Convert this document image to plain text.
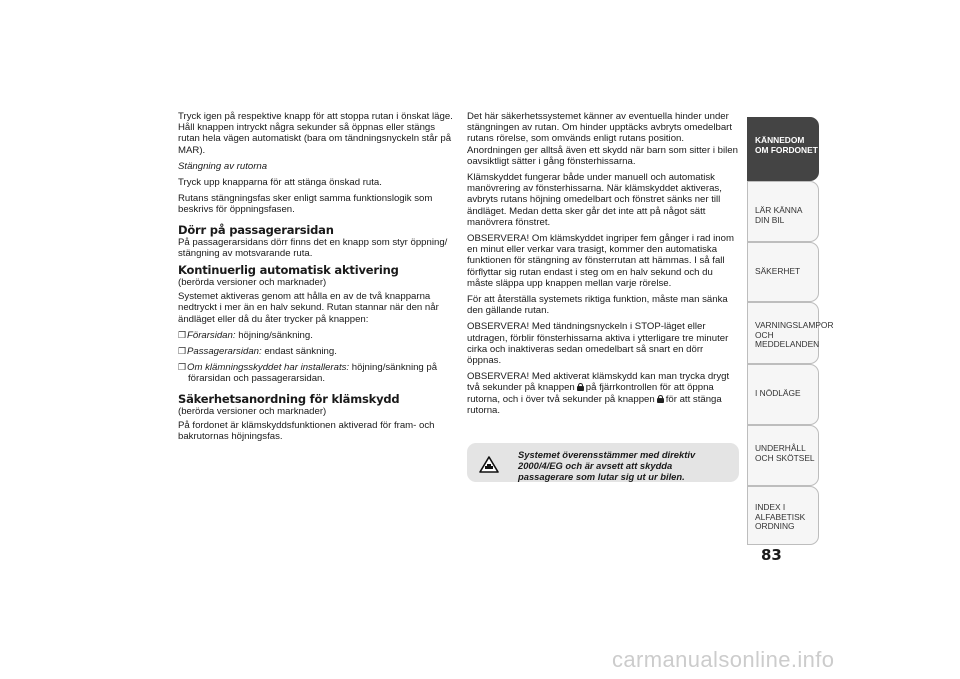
Tryck igen på respektive knapp för att stoppa rutan i önskat läge. Håll knappen intryckt några sekunder så öppnas eller stängs rutan hela vägen automatiskt (bara om tändningsnyckeln står på MAR).

Stängning av rutorna

Tryck upp knapparna för att stänga önskad ruta.

Rutans stängningsfas sker enligt samma funktionslogik som beskrivs för öppningsfasen.

Dörr på passagerarsidan

På passagerarsidans dörr finns det en knapp som styr öppning/ stängning av motsvarande ruta.

Kontinuerlig automatisk aktivering

(berörda versioner och marknader)

Systemet aktiveras genom att hålla en av de två knapparna nedtryckt i mer än en halv sekund. Rutan stannar när den når ändläget eller då du åter trycker på knappen:

❒Förarsidan: höjning/sänkning.

❒Passagerarsidan: endast sänkning.

❒Om klämningsskyddet har installerats: höjning/sänkning på förarsidan och passagerarsidan.

Säkerhetsanordning för klämskydd

(berörda versioner och marknader)

På fordonet är klämskyddsfunktionen aktiverad för fram- och bakrutornas höjningsfas.

Det här säkerhetssystemet känner av eventuella hinder under stängningen av rutan. Om hinder upptäcks avbryts omedelbart rutans rörelse, som omvänds enligt rutans position. Anordningen ger alltså även ett skydd när barn som sitter i bilen oavsiktligt sätter i gång fönsterhissarna.

Klämskyddet fungerar både under manuell och automatisk manövrering av fönsterhissarna. När klämskyddet aktiveras, avbryts rutans höjning omedelbart och fönstret sänks ner till ändläget. Medan detta sker går det inte att på något sätt manövrera fönstret.

OBSERVERA! Om klämskyddet ingriper fem gånger i rad inom en minut eller verkar vara trasigt, kommer den automatiska funktionen för stängning av fönsterrutan att hämmas. I så fall förflyttar sig rutan endast i steg om en halv sekund och du måste släppa upp knappen mellan varje rörelse.

För att återställa systemets riktiga funktion, måste man sänka den gällande rutan.

OBSERVERA! Med tändningsnyckeln i STOP-läget eller utdragen, förblir fönsterhissarna aktiva i ytterligare tre minuter cirka och inaktiveras sedan omedelbart så snart en dörr öppnas.

OBSERVERA! Med aktiverat klämskydd kan man trycka drygt två sekunder på knappen på fjärrkontrollen för att öppna rutorna, och i över två sekunder på knappen för att stänga rutorna.

Systemet överensstämmer med direktiv 2000/4/EG och är avsett att skydda passagerare som lutar sig ut ur bilen.
KÄNNEDOM OM FORDONET
LÄR KÄNNA DIN BIL
SÄKERHET
VARNINGSLAMPOR OCH MEDDELANDEN
I NÖDLÄGE
UNDERHÅLL OCH SKÖTSEL
INDEX I ALFABETISK ORDNING
83
carmanualsonline.info
